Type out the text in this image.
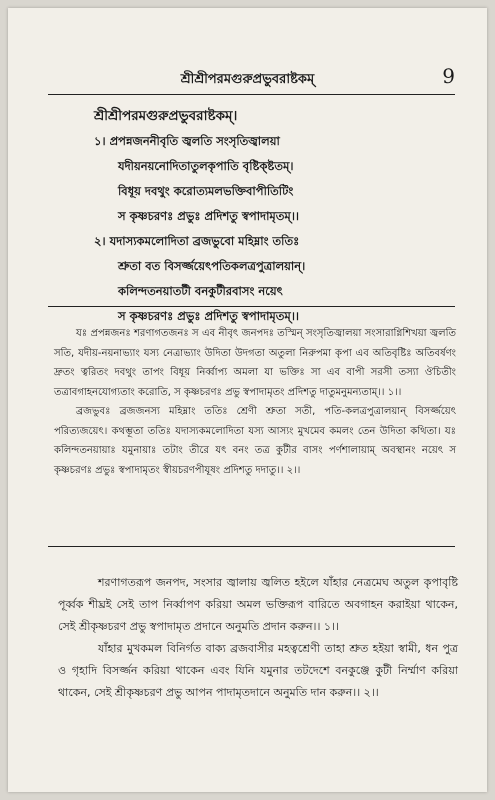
শ্রীশ্রীপরমগুরুপ্রভুবরাষ্টকম্	9
শ্রীশ্রীপরমগুরুপ্রভুবরাষ্টকম্।
১। প্রপন্নজননীবৃতি জ্বলতি সংসৃতিজ্বালয়া
যদীয়নয়নোদিতাতুলকৃপাতি বৃষ্টিক্ষ্টতম্।
বিধূয় দবথুং করোত্যমলভক্তিবাপীতিটিং
স কৃষ্ণচরণঃ প্রভুঃ প্রদিশতু স্বপাদামৃতম্।।
২। যদাস্যকমলোদিতা ব্রজভুবো মহিম্নাং ততিঃ
শ্রুতা বত বিসর্জ্জয়েৎপতিকলত্রপুত্রালয়ান্।
কলিন্দতনয়াতটী বনকুটীরবাসং নয়েৎ
স কৃষ্ণচরণঃ প্রভুঃ প্রদিশতু স্বপাদামৃতম্।।

যঃ প্রপন্নজনঃ শরণাগতজনঃ স এব নীবৃৎ জনপদঃ তস্মিন্ সংসৃতিজ্বালয়া সংসারাগ্নিশিখয়া জ্বলতি সতি, যদীয়-নয়নাভ্যাং যস্য নেত্রাভ্যাং উদিতা উদগতা অতুলা নিরুপমা কৃপা এব অতিবৃষ্টিঃ অতিবর্ষণং দ্রুতং ত্বরিতং দবথুং তাপং বিধূয় নির্ব্বাপ্য অমলা যা ভক্তিঃ সা এব বাপী সরসী তস্যা ঔচিতীং তত্রাবগাহনযোগ্যতাং করোতি, স কৃষ্ণচরণঃ প্রভু স্বপাদামৃতং প্রদিশতু দাতুমনুমন্যতাম্।। ১।।

ব্রজভুবঃ ব্রজজনস্য মহিম্নাং ততিঃ শ্রেণী শ্রুতা সতী, পতি-কলত্রপুত্রালয়ান্ বিসর্জ্জয়েৎ পরিত্যজয়েৎ। কথম্ভূতা ততিঃ যদাস্যকমলোদিতা যস্য আস্যং মুখমেব কমলং তেন উদিতা কথিতা। যঃ কলিন্দতনয়ায়াঃ যমুনায়াঃ তটাং তীরে যৎ বনং তত্র কুটীর বাসং পর্ণশালায়াম্ অবস্থানং নয়েৎ স কৃষ্ণচরণঃ প্রভুঃ স্বপাদামৃতং স্বীয়চরণপীযূষং প্রদিশতু দদাতু।। ২।।

শরণাগতরূপ জনপদ, সংসার জ্বালায় জ্বলিত হইলে যাঁহার নেত্রমেঘ অতুল কৃপাবৃষ্টি পূর্ব্বক শীঘ্রই সেই তাপ নির্ব্বাপণ করিয়া অমল ভক্তিরূপ বারিতে অবগাহন করাইয়া থাকেন, সেই শ্রীকৃষ্ণচরণ প্রভু স্বপাদামৃত প্রদানে অনুমতি প্রদান করুন।। ১।।

যাঁহার মুখকমল বিনির্গত বাক্য ব্রজবাসীর মহত্বশ্রেণী তাহা শ্রুত হইয়া স্বামী, ধন পুত্র ও গৃহাদি বিসর্জ্জন করিয়া থাকেন এবং যিনি যমুনার তটদেশে বনকুঞ্জে কুটী নির্ম্মাণ করিয়া থাকেন, সেই শ্রীকৃষ্ণচরণ প্রভু আপন পাদামৃতদানে অনুমতি দান করুন।। ২।।
